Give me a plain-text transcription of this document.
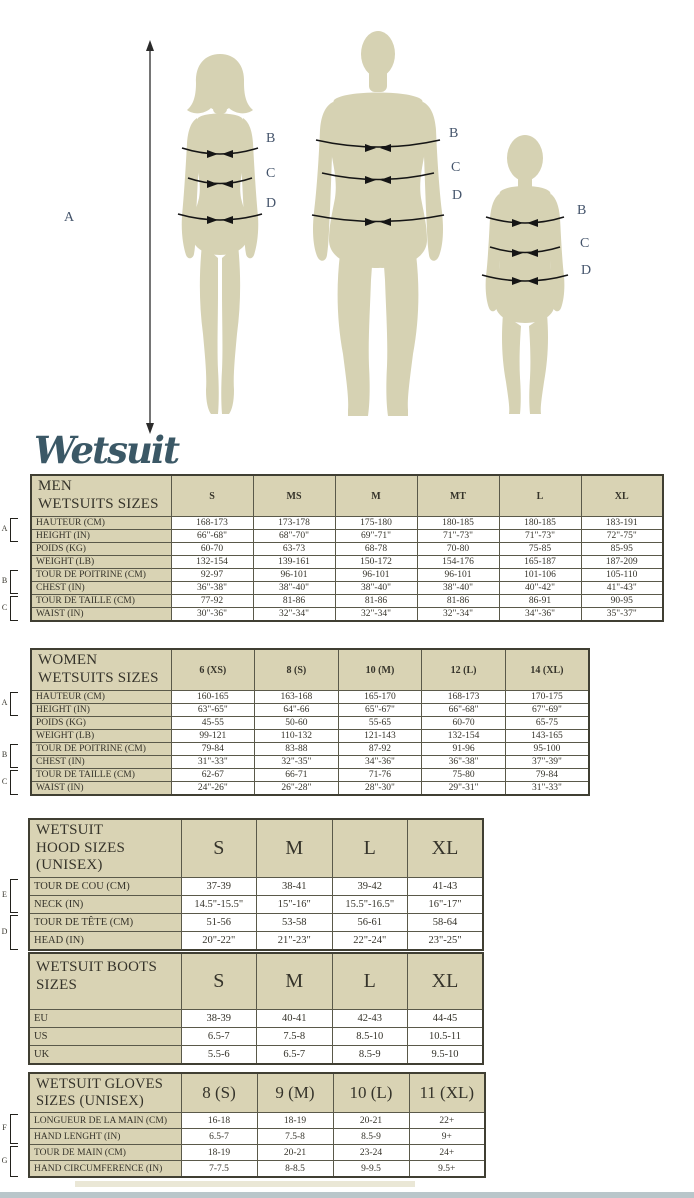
A
B
C
D
B
C
D
B
C
D
Wetsuit
MEN
WETSUITS SIZES	S	MS	M	MT	L	XL
HAUTEUR (CM)	168-173	173-178	175-180	180-185	180-185	183-191
HEIGHT (IN)	66"-68"	68"-70"	69"-71"	71"-73"	71"-73"	72"-75"
POIDS (KG)	60-70	63-73	68-78	70-80	75-85	85-95
WEIGHT (LB)	132-154	139-161	150-172	154-176	165-187	187-209
TOUR DE POITRINE (CM)	92-97	96-101	96-101	96-101	101-106	105-110
CHEST (IN)	36"-38"	38"-40"	38"-40"	38"-40"	40"-42"	41"-43"
TOUR DE TAILLE (CM)	77-92	81-86	81-86	81-86	86-91	90-95
WAIST (IN)	30"-36"	32"-34"	32"-34"	32"-34"	34"-36"	35"-37"
A
B
C
WOMEN
WETSUITS SIZES	6 (XS)	8 (S)	10 (M)	12 (L)	14 (XL)
HAUTEUR (CM)	160-165	163-168	165-170	168-173	170-175
HEIGHT (IN)	63"-65"	64"-66	65"-67"	66"-68"	67"-69"
POIDS (KG)	45-55	50-60	55-65	60-70	65-75
WEIGHT (LB)	99-121	110-132	121-143	132-154	143-165
TOUR DE POITRINE (CM)	79-84	83-88	87-92	91-96	95-100
CHEST (IN)	31"-33"	32"-35"	34"-36"	36"-38"	37"-39"
TOUR DE TAILLE (CM)	62-67	66-71	71-76	75-80	79-84
WAIST (IN)	24"-26"	26"-28"	28"-30"	29"-31"	31"-33"
A
B
C
WETSUIT
HOOD SIZES
(UNISEX)	S	M	L	XL
TOUR DE COU (CM)	37-39	38-41	39-42	41-43
NECK (IN)	14.5"-15.5"	15"-16"	15.5"-16.5"	16"-17"
TOUR DE TÊTE (CM)	51-56	53-58	56-61	58-64
HEAD (IN)	20"-22"	21"-23"	22"-24"	23"-25"
E
D
WETSUIT BOOTS
SIZES	S	M	L	XL
EU	38-39	40-41	42-43	44-45
US	6.5-7	7.5-8	8.5-10	10.5-11
UK	5.5-6	6.5-7	8.5-9	9.5-10
WETSUIT GLOVES
SIZES (UNISEX)	8 (S)	9 (M)	10 (L)	11 (XL)
LONGUEUR DE LA MAIN (CM)	16-18	18-19	20-21	22+
HAND LENGHT (IN)	6.5-7	7.5-8	8.5-9	9+
TOUR DE MAIN (CM)	18-19	20-21	23-24	24+
HAND CIRCUMFERENCE (IN)	7-7.5	8-8.5	9-9.5	9.5+
F
G
